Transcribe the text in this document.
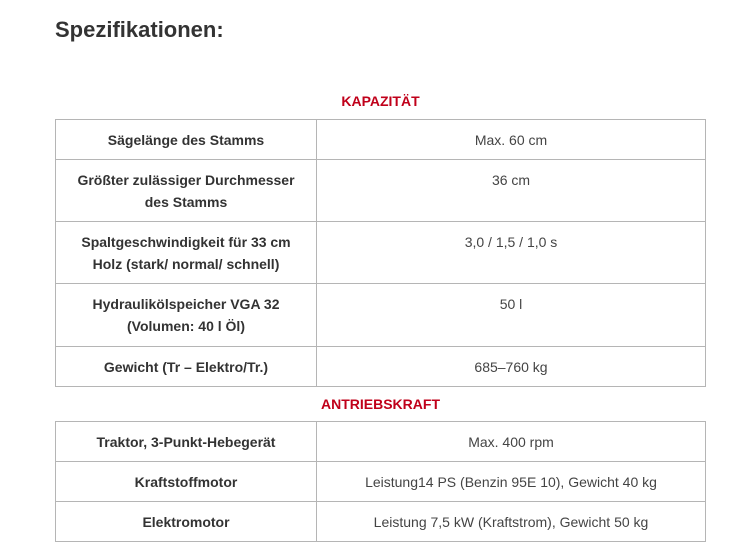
Spezifikationen:
KAPAZITÄT
Sägelänge des Stamms	Max. 60 cm
Größter zulässiger Durchmesser des Stamms	36 cm
Spaltgeschwindigkeit für 33 cm Holz (stark/ normal/ schnell)	3,0 / 1,5 / 1,0 s
Hydraulikölspeicher VGA 32 (Volumen: 40 l Öl)	50 l
Gewicht (Tr – Elektro/Tr.)	685–760 kg
ANTRIEBSKRAFT
Traktor, 3-Punkt-Hebegerät	Max. 400 rpm
Kraftstoffmotor	Leistung14 PS (Benzin 95E 10), Gewicht 40 kg
Elektromotor	Leistung 7,5 kW (Kraftstrom), Gewicht 50 kg
